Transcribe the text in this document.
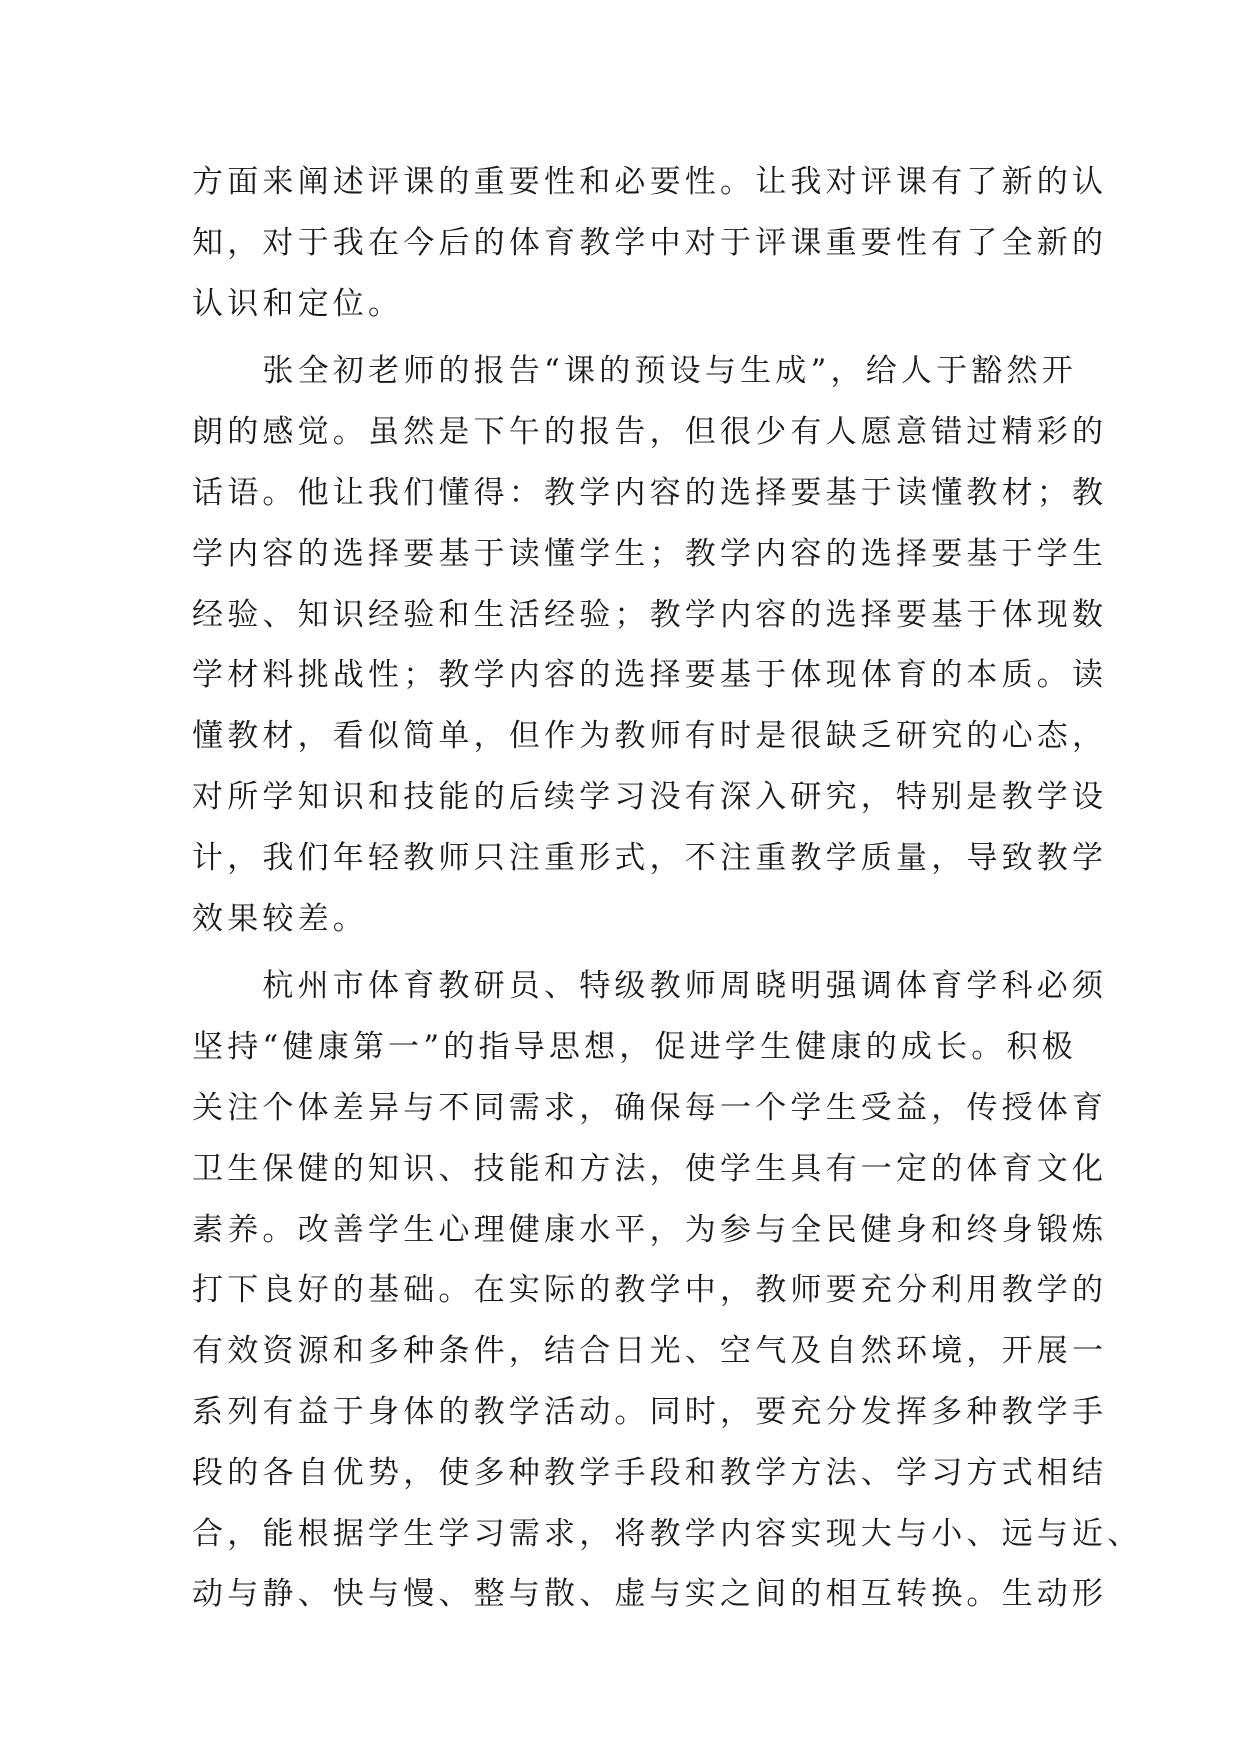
方面来阐述评课的重要性和必要性。让我对评课有了新的认
知，对于我在今后的体育教学中对于评课重要性有了全新的
认识和定位。

　　张全初老师的报告“课的预设与生成”，给人于豁然开
朗的感觉。虽然是下午的报告，但很少有人愿意错过精彩的
话语。他让我们懂得：教学内容的选择要基于读懂教材；教
学内容的选择要基于读懂学生；教学内容的选择要基于学生
经验、知识经验和生活经验；教学内容的选择要基于体现数
学材料挑战性；教学内容的选择要基于体现体育的本质。读
懂教材，看似简单，但作为教师有时是很缺乏研究的心态，
对所学知识和技能的后续学习没有深入研究，特别是教学设
计，我们年轻教师只注重形式，不注重教学质量，导致教学
效果较差。

　　杭州市体育教研员、特级教师周晓明强调体育学科必须
坚持“健康第一”的指导思想，促进学生健康的成长。积极
关注个体差异与不同需求，确保每一个学生受益，传授体育
卫生保健的知识、技能和方法，使学生具有一定的体育文化
素养。改善学生心理健康水平，为参与全民健身和终身锻炼
打下良好的基础。在实际的教学中，教师要充分利用教学的
有效资源和多种条件，结合日光、空气及自然环境，开展一
系列有益于身体的教学活动。同时，要充分发挥多种教学手
段的各自优势，使多种教学手段和教学方法、学习方式相结
合，能根据学生学习需求，将教学内容实现大与小、远与近、
动与静、快与慢、整与散、虚与实之间的相互转换。生动形
